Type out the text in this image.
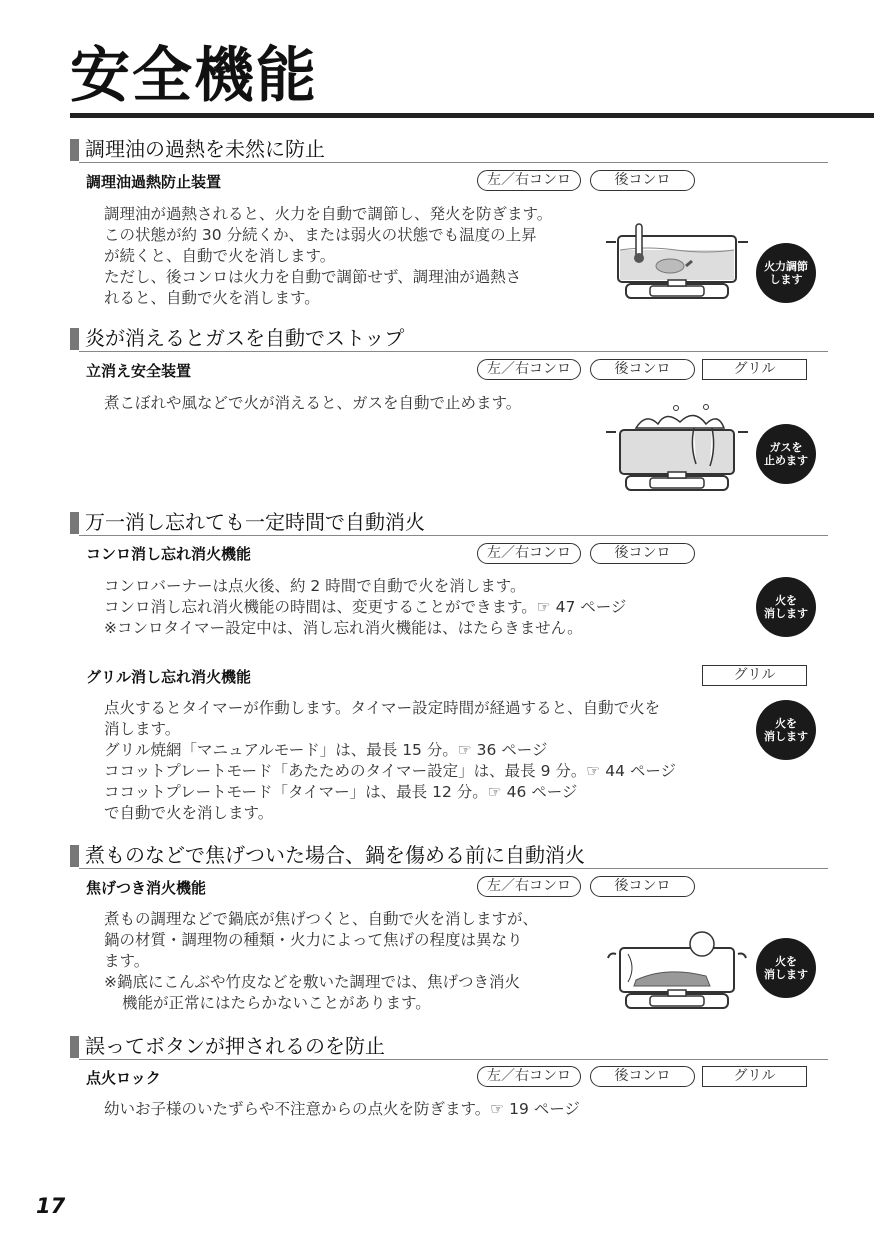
安全機能
調理油の過熱を未然に防止
調理油過熱防止装置	左／右コンロ	後コンロ
調理油が過熱されると、火力を自動で調節し、発火を防ぎます。
この状態が約 30 分続くか、または弱火の状態でも温度の上昇
が続くと、自動で火を消します。
ただし、後コンロは火力を自動で調節せず、調理油が過熱さ
れると、自動で火を消します。
火力調節
します
炎が消えるとガスを自動でストップ
立消え安全装置	左／右コンロ	後コンロ	グリル
煮こぼれや風などで火が消えると、ガスを自動で止めます。
ガスを
止めます
万一消し忘れても一定時間で自動消火
コンロ消し忘れ消火機能	左／右コンロ	後コンロ
コンロバーナーは点火後、約 2 時間で自動で火を消します。
コンロ消し忘れ消火機能の時間は、変更することができます。☞ 47 ページ
※コンロタイマー設定中は、消し忘れ消火機能は、はたらきません。
火を
消します
グリル消し忘れ消火機能	グリル
点火するとタイマーが作動します。タイマー設定時間が経過すると、自動で火を
消します。
グリル焼網「マニュアルモード」は、最長 15 分。☞ 36 ページ
ココットプレートモード「あたためのタイマー設定」は、最長 9 分。☞ 44 ページ
ココットプレートモード「タイマー」は、最長 12 分。☞ 46 ページ
で自動で火を消します。
火を
消します
煮ものなどで焦げついた場合、鍋を傷める前に自動消火
焦げつき消火機能	左／右コンロ	後コンロ
煮もの調理などで鍋底が焦げつくと、自動で火を消しますが、
鍋の材質・調理物の種類・火力によって焦げの程度は異なり
ます。
※鍋底にこんぶや竹皮などを敷いた調理では、焦げつき消火
機能が正常にはたらかないことがあります。
火を
消します
誤ってボタンが押されるのを防止
点火ロック	左／右コンロ	後コンロ	グリル
幼いお子様のいたずらや不注意からの点火を防ぎます。☞ 19 ページ
17
